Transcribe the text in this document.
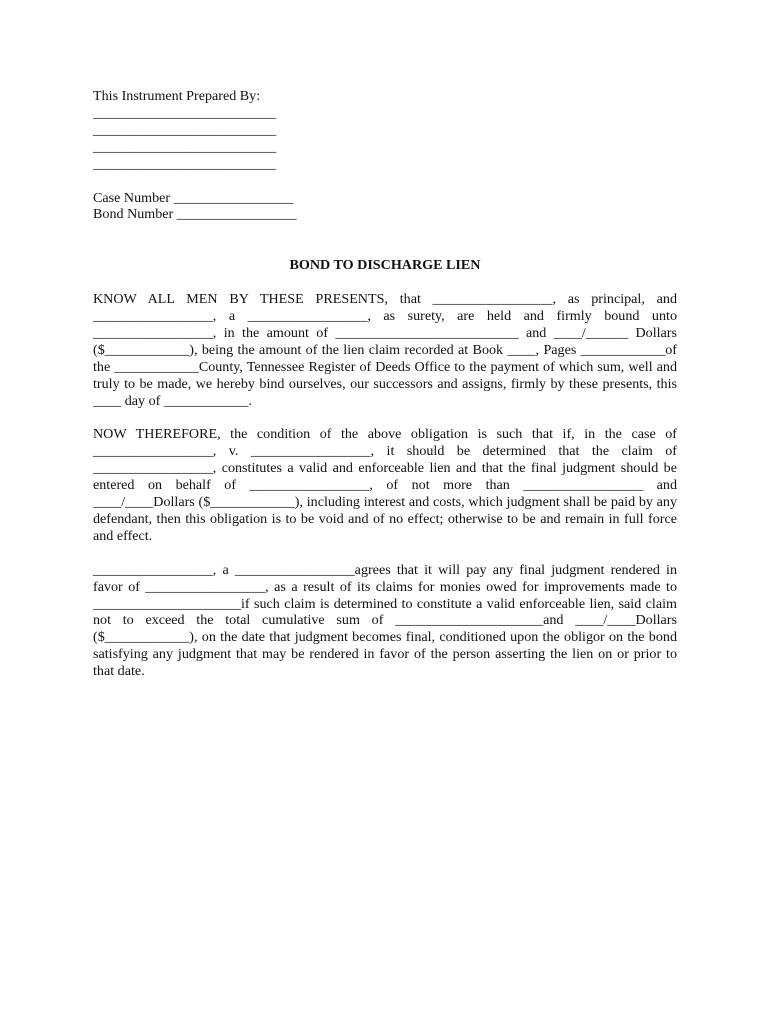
This Instrument Prepared By:
__________________________
__________________________
__________________________
__________________________
Case Number _________________
Bond Number _________________
BOND TO DISCHARGE LIEN

KNOW ALL MEN BY THESE PRESENTS, that _________________, as principal, and _________________, a _________________, as surety, are held and firmly bound unto _________________, in the amount of __________________________ and ____/______ Dollars ($____________), being the amount of the lien claim recorded at Book ____, Pages ____________of the ____________County, Tennessee Register of Deeds Office to the payment of which sum, well and truly to be made, we hereby bind ourselves, our successors and assigns, firmly by these presents, this ____ day of ____________.

NOW THEREFORE, the condition of the above obligation is such that if, in the case of _________________, v. _________________, it should be determined that the claim of _________________, constitutes a valid and enforceable lien and that the final judgment should be entered on behalf of _________________, of not more than _________________ and ____/____Dollars ($____________), including interest and costs, which judgment shall be paid by any defendant, then this obligation is to be void and of no effect; otherwise to be and remain in full force and effect.

_________________, a _________________agrees that it will pay any final judgment rendered in favor of _________________, as a result of its claims for monies owed for improvements made to _____________________if such claim is determined to constitute a valid enforceable lien, said claim not to exceed the total cumulative sum of _____________________and ____/____Dollars ($____________), on the date that judgment becomes final, conditioned upon the obligor on the bond satisfying any judgment that may be rendered in favor of the person asserting the lien on or prior to that date.
